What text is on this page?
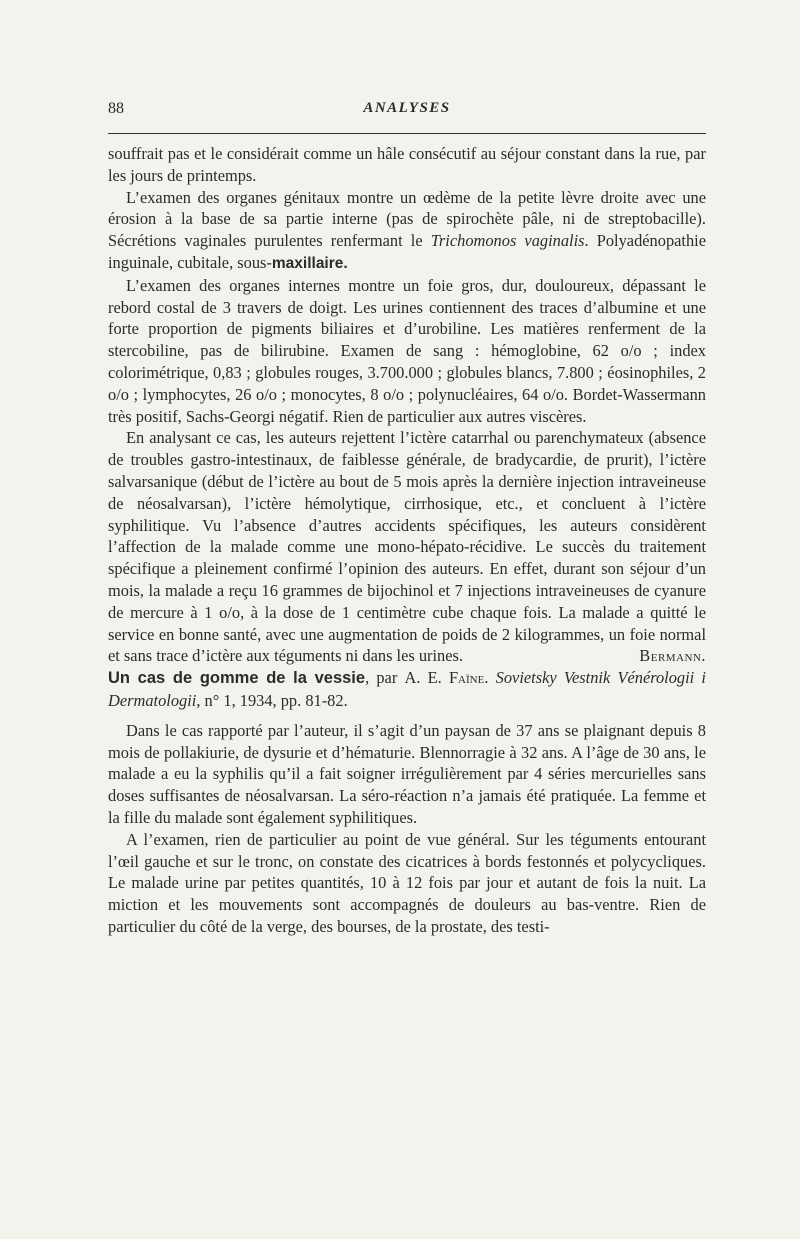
88	ANALYSES

souffrait pas et le considérait comme un hâle consécutif au séjour constant dans la rue, par les jours de printemps.

L’examen des organes génitaux montre un œdème de la petite lèvre droite avec une érosion à la base de sa partie interne (pas de spirochète pâle, ni de streptobacille). Sécrétions vaginales purulentes renfermant le Trichomonos vaginalis. Polyadénopathie inguinale, cubitale, sous-maxillaire.

L’examen des organes internes montre un foie gros, dur, douloureux, dépassant le rebord costal de 3 travers de doigt. Les urines contiennent des traces d’albumine et une forte proportion de pigments biliaires et d’urobiline. Les matières renferment de la stercobiline, pas de bilirubine. Examen de sang : hémoglobine, 62 o/o ; index colorimétrique, 0,83 ; globules rouges, 3.700.000 ; globules blancs, 7.800 ; éosinophiles, 2 o/o ; lymphocytes, 26 o/o ; monocytes, 8 o/o ; polynucléaires, 64 o/o. Bordet-Wassermann très positif, Sachs-Georgi négatif. Rien de particulier aux autres viscères.

En analysant ce cas, les auteurs rejettent l’ictère catarrhal ou parenchymateux (absence de troubles gastro-intestinaux, de faiblesse générale, de bradycardie, de prurit), l’ictère salvarsanique (début de l’ictère au bout de 5 mois après la dernière injection intraveineuse de néosalvarsan), l’ictère hémolytique, cirrhosique, etc., et concluent à l’ictère syphilitique. Vu l’absence d’autres accidents spécifiques, les auteurs considèrent l’affection de la malade comme une mono-hépato-récidive. Le succès du traitement spécifique a pleinement confirmé l’opinion des auteurs. En effet, durant son séjour d’un mois, la malade a reçu 16 grammes de bijochinol et 7 injections intraveineuses de cyanure de mercure à 1 o/o, à la dose de 1 centimètre cube chaque fois. La malade a quitté le service en bonne santé, avec une augmentation de poids de 2 kilogrammes, un foie normal et sans trace d’ictère aux téguments ni dans les urines.	Bermann.

Un cas de gomme de la vessie, par A. E. Faïne. Sovietsky Vestnik Vénérologii i Dermatologii, n° 1, 1934, pp. 81-82.

Dans le cas rapporté par l’auteur, il s’agit d’un paysan de 37 ans se plaignant depuis 8 mois de pollakiurie, de dysurie et d’hématurie. Blennorragie à 32 ans. A l’âge de 30 ans, le malade a eu la syphilis qu’il a fait soigner irrégulièrement par 4 séries mercurielles sans doses suffisantes de néosalvarsan. La séro-réaction n’a jamais été pratiquée. La femme et la fille du malade sont également syphilitiques.

A l’examen, rien de particulier au point de vue général. Sur les téguments entourant l’œil gauche et sur le tronc, on constate des cicatrices à bords festonnés et polycycliques. Le malade urine par petites quantités, 10 à 12 fois par jour et autant de fois la nuit. La miction et les mouvements sont accompagnés de douleurs au bas-ventre. Rien de particulier du côté de la verge, des bourses, de la prostate, des testi-
